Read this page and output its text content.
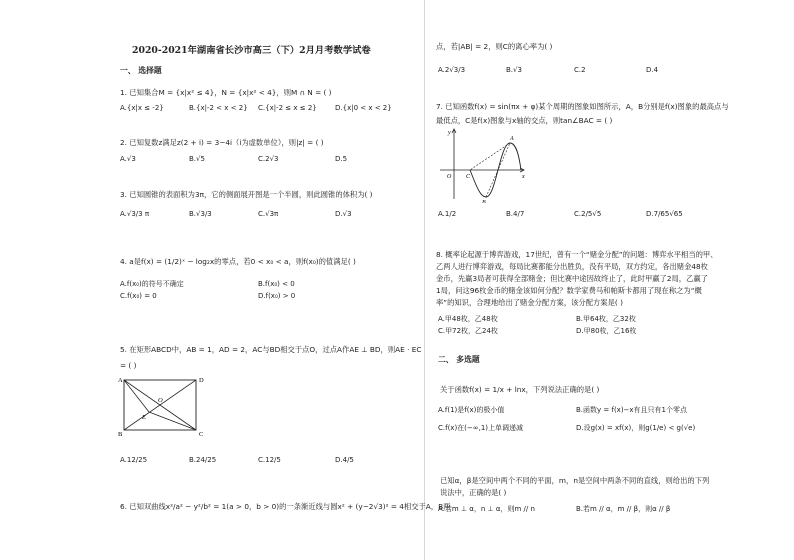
2020-2021年湖南省长沙市高三（下）2月月考数学试卷
一、 选择题
1. 已知集合M = {x|x² ≤ 4}，N = {x|x² < 4}，则M ∩ N = ( )
A.{x|x ≤ -2}	B.{x|-2 < x < 2} C.{x|-2 ≤ x ≤ 2}	D.{x|0 < x < 2}
2. 已知复数z满足z(2 + i) = 3−4i（i为虚数单位），则|z| = ( )
A.√3	B.√5	C.2√3	D.5
3. 已知圆锥的表面积为3π，它的侧面展开图是一个半圆，则此圆锥的体积为( )
A.√3/3 π	B.√3/3	C.√3π	D.√3
4. a是f(x) = (1/2)ˣ − log₂x的零点，若0 < x₀ < a，则f(x₀)的值满足( )
A.f(x₀)的符号不确定	B.f(x₀) < 0
C.f(x₀) = 0	D.f(x₀) > 0
5. 在矩形ABCD中，AB = 1，AD = 2，AC与BD相交于点O，过点A作AE ⊥ BD，则AE · EC
= ( )
A	D
B	C
E
O
A.12/25	B.24/25	C.12/5	D.4/5
6. 已知双曲线x²/a² − y²/b² = 1(a > 0，b > 0)的一条渐近线与圆x² + (y−2√3)² = 4相交于A，B两
点，若|AB| = 2，则C的离心率为( )
A.2√3/3	B.√3	C.2	D.4
7. 已知函数f(x) = sin(πx + φ)某个周期的图象如图所示，A，B分别是f(x)图象的最高点与
最低点，C是f(x)图象与x轴的交点，则tan∠BAC = ( )
y
x
O C
A
B
A.1/2	B.4/7	C.2/5√5	D.7/65√65
8. 概率论起源于博弈游戏，17世纪，曾有一个“赌金分配”的问题：博弈水平相当的甲、
乙两人进行博弈游戏，每局比赛都能分出胜负，没有平局，双方约定，各出赌金48枚
金币，先赢3局者可获得全部赌金；但比赛中途因故终止了，此时甲赢了2局，乙赢了
1局，问这96枚金币的赌金该如何分配？数学家费马和帕斯卡都用了现在称之为“概
率”的知识，合理地给出了赌金分配方案，该分配方案是( )
A.甲48枚，乙48枚	B.甲64枚，乙32枚
C.甲72枚，乙24枚	D.甲80枚，乙16枚
二、 多选题
关于函数f(x) = 1/x + lnx，下列说法正确的是( )
A.f(1)是f(x)的极小值	B.函数y = f(x)−x有且只有1个零点
C.f(x)在(−∞,1)上单调递减	D.设g(x) = xf(x)，则g(1/e) < g(√e)
已知α，β是空间中两个不同的平面，m，n是空间中两条不同的直线，则给出的下列
说法中，正确的是( )
A.若m ⊥ α，n ⊥ α，则m // n	B.若m // α，m // β，则α // β
